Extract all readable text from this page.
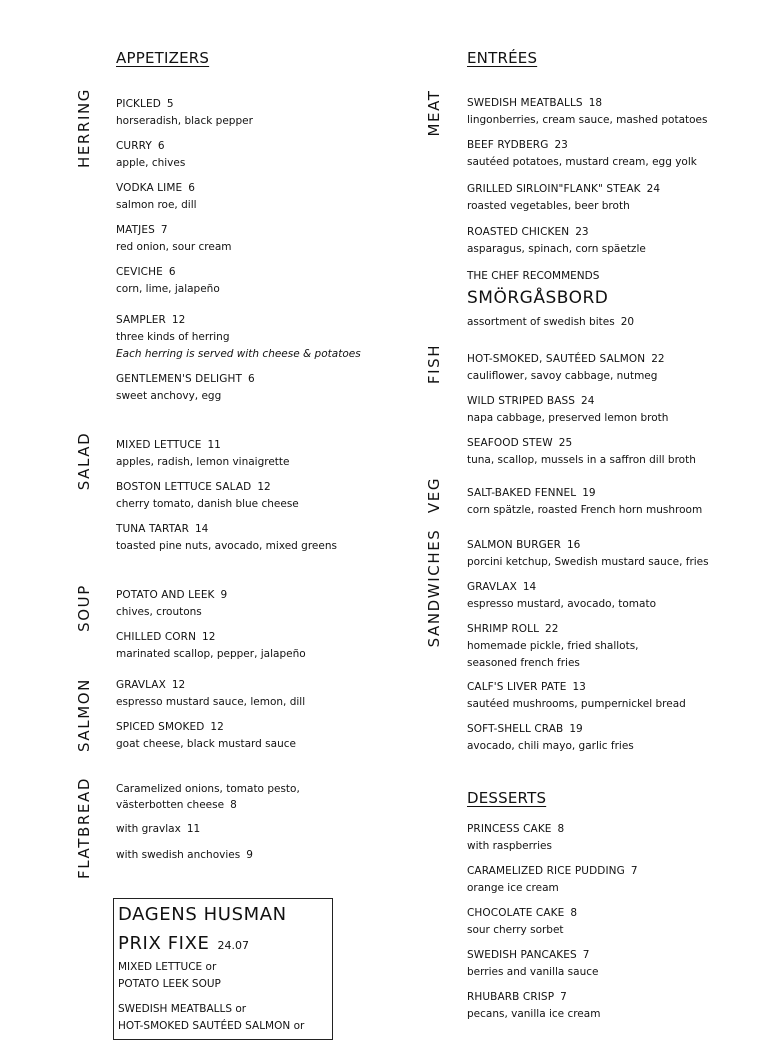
APPETIZERS
HERRING PICKLED 5
horseradish, black pepper
CURRY 6
apple, chives
VODKA LIME 6
salmon roe, dill
MATJES 7
red onion, sour cream
CEVICHE 6
corn, lime, jalapeño
SAMPLER 12
three kinds of herring
Each herring is served with cheese & potatoes
GENTLEMEN'S DELIGHT 6
sweet anchovy, egg
SALAD MIXED LETTUCE 11
apples, radish, lemon vinaigrette
BOSTON LETTUCE SALAD 12
cherry tomato, danish blue cheese
TUNA TARTAR 14
toasted pine nuts, avocado, mixed greens
SOUP POTATO AND LEEK 9
chives, croutons
CHILLED CORN 12
marinated scallop, pepper, jalapeño
SALMON GRAVLAX 12
espresso mustard sauce, lemon, dill
SPICED SMOKED 12
goat cheese, black mustard sauce
FLATBREAD Caramelized onions, tomato pesto,
västerbotten cheese 8
with gravlax 11
with swedish anchovies 9
DAGENS HUSMAN
PRIX FIXE 24.07
MIXED LETTUCE or
POTATO LEEK SOUP
SWEDISH MEATBALLS or
HOT-SMOKED SAUTÉED SALMON or
ENTRÉES
MEAT SWEDISH MEATBALLS 18
lingonberries, cream sauce, mashed potatoes
BEEF RYDBERG 23
sautéed potatoes, mustard cream, egg yolk
GRILLED SIRLOIN"FLANK" STEAK 24
roasted vegetables, beer broth
ROASTED CHICKEN 23
asparagus, spinach, corn späetzle
THE CHEF RECOMMENDS
SMÖRGÅSBORD
assortment of swedish bites 20
FISH HOT-SMOKED, SAUTÉED SALMON 22
cauliflower, savoy cabbage, nutmeg
WILD STRIPED BASS 24
napa cabbage, preserved lemon broth
SEAFOOD STEW 25
tuna, scallop, mussels in a saffron dill broth
VEG SALT-BAKED FENNEL 19
corn spätzle, roasted French horn mushroom
SANDWICHES SALMON BURGER 16
porcini ketchup, Swedish mustard sauce, fries
GRAVLAX 14
espresso mustard, avocado, tomato
SHRIMP ROLL 22
homemade pickle, fried shallots,
seasoned french fries
CALF'S LIVER PATE 13
sautéed mushrooms, pumpernickel bread
SOFT-SHELL CRAB 19
avocado, chili mayo, garlic fries
DESSERTS
PRINCESS CAKE 8
with raspberries
CARAMELIZED RICE PUDDING 7
orange ice cream
CHOCOLATE CAKE 8
sour cherry sorbet
SWEDISH PANCAKES 7
berries and vanilla sauce
RHUBARB CRISP 7
pecans, vanilla ice cream
